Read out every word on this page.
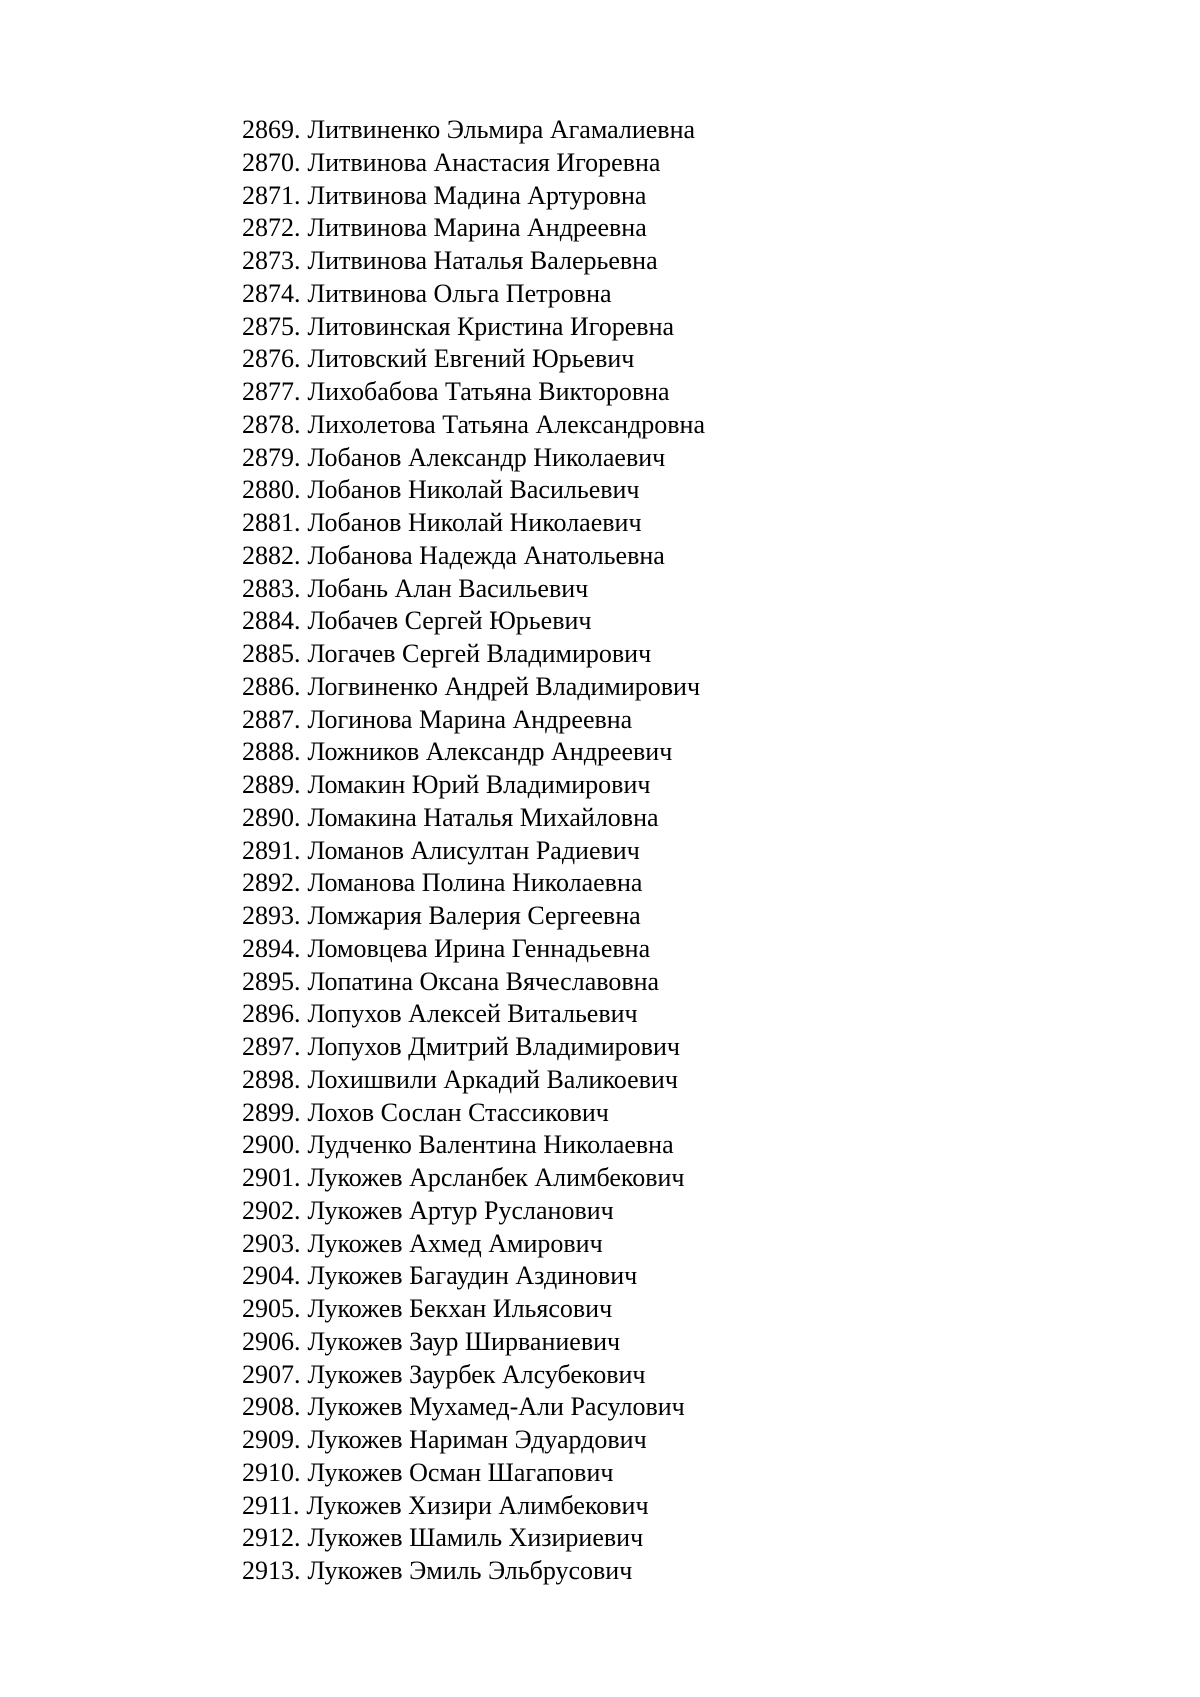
2869. Литвиненко Эльмира Агамалиевна
2870. Литвинова Анастасия Игоревна
2871. Литвинова Мадина Артуровна
2872. Литвинова Марина Андреевна
2873. Литвинова Наталья Валерьевна
2874. Литвинова Ольга Петровна
2875. Литовинская Кристина Игоревна
2876. Литовский Евгений Юрьевич
2877. Лихобабова Татьяна Викторовна
2878. Лихолетова Татьяна Александровна
2879. Лобанов Александр Николаевич
2880. Лобанов Николай Васильевич
2881. Лобанов Николай Николаевич
2882. Лобанова Надежда Анатольевна
2883. Лобань Алан Васильевич
2884. Лобачев Сергей Юрьевич
2885. Логачев Сергей Владимирович
2886. Логвиненко Андрей Владимирович
2887. Логинова Марина Андреевна
2888. Ложников Александр Андреевич
2889. Ломакин Юрий Владимирович
2890. Ломакина Наталья Михайловна
2891. Ломанов Алисултан Радиевич
2892. Ломанова Полина Николаевна
2893. Ломжария Валерия Сергеевна
2894. Ломовцева Ирина Геннадьевна
2895. Лопатина Оксана Вячеславовна
2896. Лопухов Алексей Витальевич
2897. Лопухов Дмитрий Владимирович
2898. Лохишвили Аркадий Валикоевич
2899. Лохов Сослан Стассикович
2900. Лудченко Валентина Николаевна
2901. Лукожев Арсланбек Алимбекович
2902. Лукожев Артур Русланович
2903. Лукожев Ахмед Амирович
2904. Лукожев Багаудин Аздинович
2905. Лукожев Бекхан Ильясович
2906. Лукожев Заур Ширваниевич
2907. Лукожев Заурбек Алсубекович
2908. Лукожев Мухамед-Али Расулович
2909. Лукожев Нариман Эдуардович
2910. Лукожев Осман Шагапович
2911. Лукожев Хизири Алимбекович
2912. Лукожев Шамиль Хизириевич
2913. Лукожев Эмиль Эльбрусович
